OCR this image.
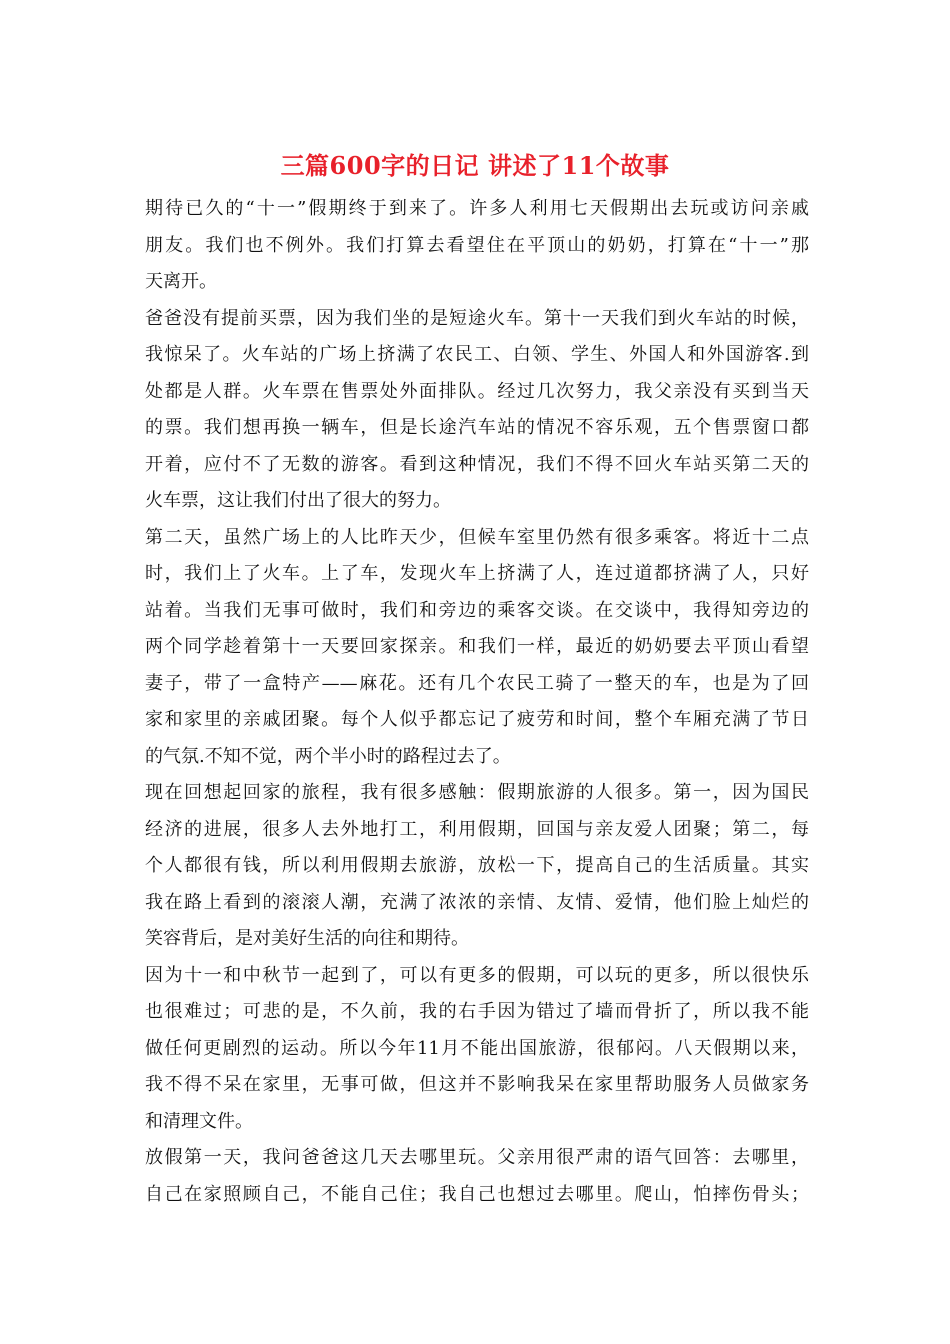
三篇600字的日记 讲述了11个故事

期待已久的“十一”假期终于到来了。许多人利用七天假期出去玩或访问亲戚
朋友。我们也不例外。我们打算去看望住在平顶山的奶奶，打算在“十一”那
天离开。

爸爸没有提前买票，因为我们坐的是短途火车。第十一天我们到火车站的时候，
我惊呆了。火车站的广场上挤满了农民工、白领、学生、外国人和外国游客.到
处都是人群。火车票在售票处外面排队。经过几次努力，我父亲没有买到当天
的票。我们想再换一辆车，但是长途汽车站的情况不容乐观，五个售票窗口都
开着，应付不了无数的游客。看到这种情况，我们不得不回火车站买第二天的
火车票，这让我们付出了很大的努力。

第二天，虽然广场上的人比昨天少，但候车室里仍然有很多乘客。将近十二点
时，我们上了火车。上了车，发现火车上挤满了人，连过道都挤满了人，只好
站着。当我们无事可做时，我们和旁边的乘客交谈。在交谈中，我得知旁边的
两个同学趁着第十一天要回家探亲。和我们一样，最近的奶奶要去平顶山看望
妻子，带了一盒特产——麻花。还有几个农民工骑了一整天的车，也是为了回
家和家里的亲戚团聚。每个人似乎都忘记了疲劳和时间，整个车厢充满了节日
的气氛.不知不觉，两个半小时的路程过去了。

现在回想起回家的旅程，我有很多感触：假期旅游的人很多。第一，因为国民
经济的进展，很多人去外地打工，利用假期，回国与亲友爱人团聚；第二，每
个人都很有钱，所以利用假期去旅游，放松一下，提高自己的生活质量。其实
我在路上看到的滚滚人潮，充满了浓浓的亲情、友情、爱情，他们脸上灿烂的
笑容背后，是对美好生活的向往和期待。

因为十一和中秋节一起到了，可以有更多的假期，可以玩的更多，所以很快乐
也很难过；可悲的是，不久前，我的右手因为错过了墙而骨折了，所以我不能
做任何更剧烈的运动。所以今年11月不能出国旅游，很郁闷。八天假期以来，
我不得不呆在家里，无事可做，但这并不影响我呆在家里帮助服务人员做家务
和清理文件。

放假第一天，我问爸爸这几天去哪里玩。父亲用很严肃的语气回答：去哪里，
自己在家照顾自己，不能自己住；我自己也想过去哪里。爬山，怕摔伤骨头；
